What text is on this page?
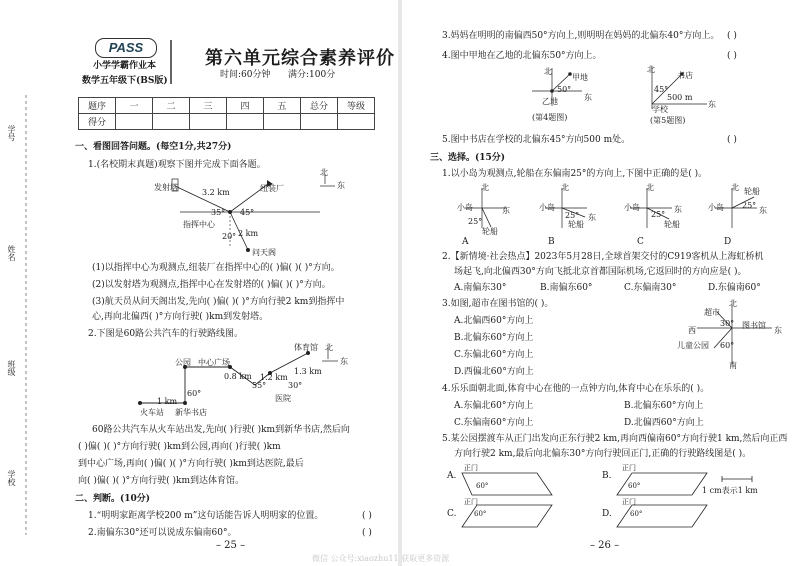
学号
姓名
班级
学校
PASS
小学学霸作业本
数学五年级下(BS版)
第六单元综合素养评价
时间:60分钟 满分:100分
题序	一	二	三	四	五	总分	等级
得分							
一、看图回答问题。(每空1分,共27分)
1.(名校期末真题)观察下图并完成下面各题。
发射塔
3.2 km	纽装厂
35° 45°
指挥中心
20° 2 km
问天阁
北
东
(1)以指挥中心为观测点,纽装厂在指挥中心的( )偏( )( )°方向。
(2)以发射塔为观测点,指挥中心在发射塔的( )偏( )( )°方向。
(3)航天员从问天阁出发,先向( )偏( )( )°方向行驶2 km到指挥中
心,再向北偏西( )°方向行驶( )km到发射塔。
2.下图是60路公共汽车的行驶路线图。
体育馆 北
东
公园 中心广场
0.8 km 1.2 km
1.3 km
30°
55°
60°
医院
1 km
火车站 新华书店
60路公共汽车从火车站出发,先向( )行驶( )km到新华书店,然后向
( )偏( )( )°方向行驶( )km到公园,再向( )行驶( )km
到中心广场,再向( )偏( )( )°方向行驶( )km到达医院,最后
向( )偏( )( )°方向行驶( )km到达体育馆。
二、判断。(10分)
1.“明明家距离学校200 m”这句话能告诉人明明家的位置。	( )
2.南偏东30°还可以说成东偏南60°。	( )
– 25 –
3.妈妈在明明的南偏西50°方向上,则明明在妈妈的北偏东40°方向上。 ( )
4.图中甲地在乙地的北偏东50°方向上。	( )
北
甲地
50°
乙地	东
(第4题图)
北
书店
45°
500 m
学校
东
(第5题图)
5.图中书店在学校的北偏东45°方向500 m处。	( )
三、选择。(15分)
1.以小岛为观测点,轮船在东偏南25°的方向上,下图中正确的是( )。
北
小岛	东
25°
轮船
A
北
小岛
东
25°
轮船
B
北
小岛	东
25°
轮船
C
北
小岛	东
25°
轮船
D
2.【新情境·社会热点】2023年5月28日,全球首架交付的C919客机从上海虹桥机
场起飞,向北偏西30°方向飞抵北京首都国际机场,它返回时的方向应是( )。
A.南偏东30°	B.南偏东60°	C.东偏南30°	D.东偏南60°
3.如图,超市在图书馆的( )。
A.北偏西60°方向上
B.北偏东60°方向上
C.东偏北60°方向上
D.西偏北60°方向上
北
超市
图书馆
西	东
30°
儿童公园 60°
南
4.乐乐面朝北面,体育中心在他的一点钟方向,体育中心在乐乐的( )。
A.东偏北60°方向上	B.北偏东60°方向上
C.东偏南60°方向上	D.北偏西60°方向上
5.某公园摆渡车从正门出发向正东行驶2 km,再向西偏南60°方向行驶1 km,然后向正西
方向行驶2 km,最后向北偏东30°方向行驶回正门,正确的行驶路线图是( )。
A.
正门
60°
B.
正门
60°
C.
正门
60°	D.
正门
60°
1 cm表示1 km
– 26 –
微信 公众号:xiaozhu11 获取更多资源
